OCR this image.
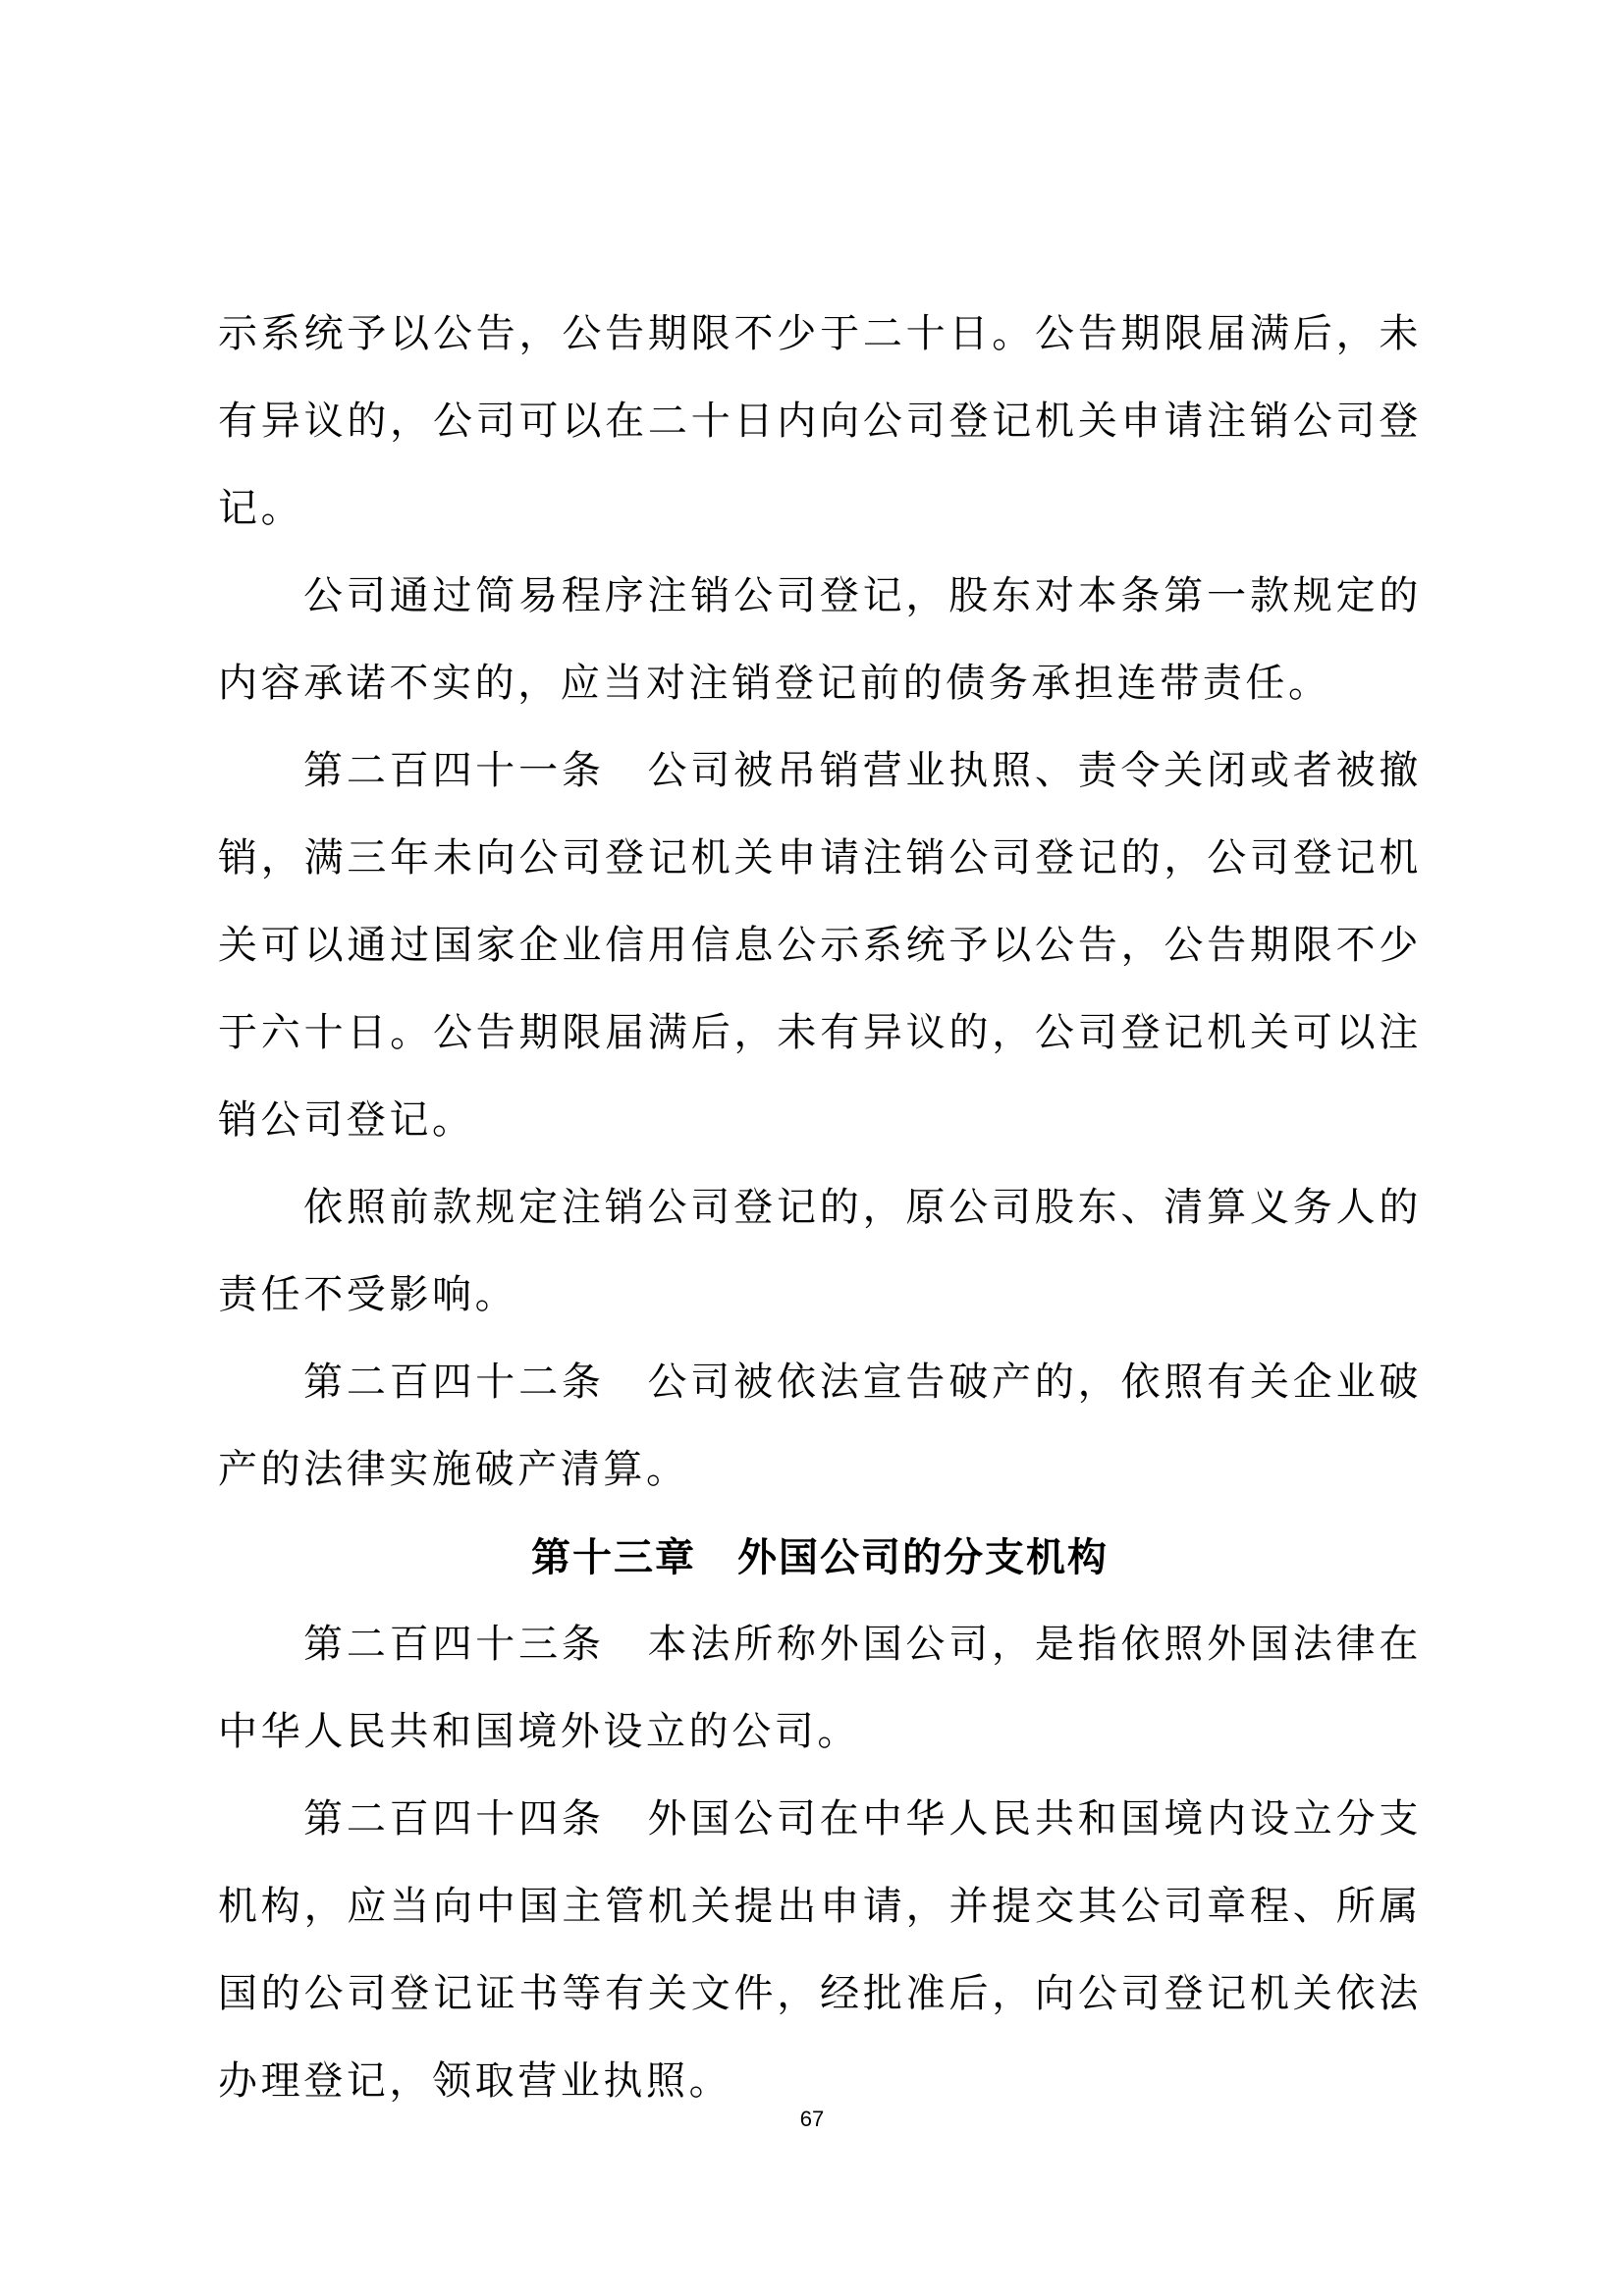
示系统予以公告，公告期限不少于二十日。公告期限届满后，未有异议的，公司可以在二十日内向公司登记机关申请注销公司登记。

公司通过简易程序注销公司登记，股东对本条第一款规定的内容承诺不实的，应当对注销登记前的债务承担连带责任。

第二百四十一条　公司被吊销营业执照、责令关闭或者被撤销，满三年未向公司登记机关申请注销公司登记的，公司登记机关可以通过国家企业信用信息公示系统予以公告，公告期限不少于六十日。公告期限届满后，未有异议的，公司登记机关可以注销公司登记。

依照前款规定注销公司登记的，原公司股东、清算义务人的责任不受影响。

第二百四十二条　公司被依法宣告破产的，依照有关企业破产的法律实施破产清算。

第十三章　外国公司的分支机构

第二百四十三条　本法所称外国公司，是指依照外国法律在中华人民共和国境外设立的公司。

第二百四十四条　外国公司在中华人民共和国境内设立分支机构，应当向中国主管机关提出申请，并提交其公司章程、所属国的公司登记证书等有关文件，经批准后，向公司登记机关依法办理登记，领取营业执照。

67
